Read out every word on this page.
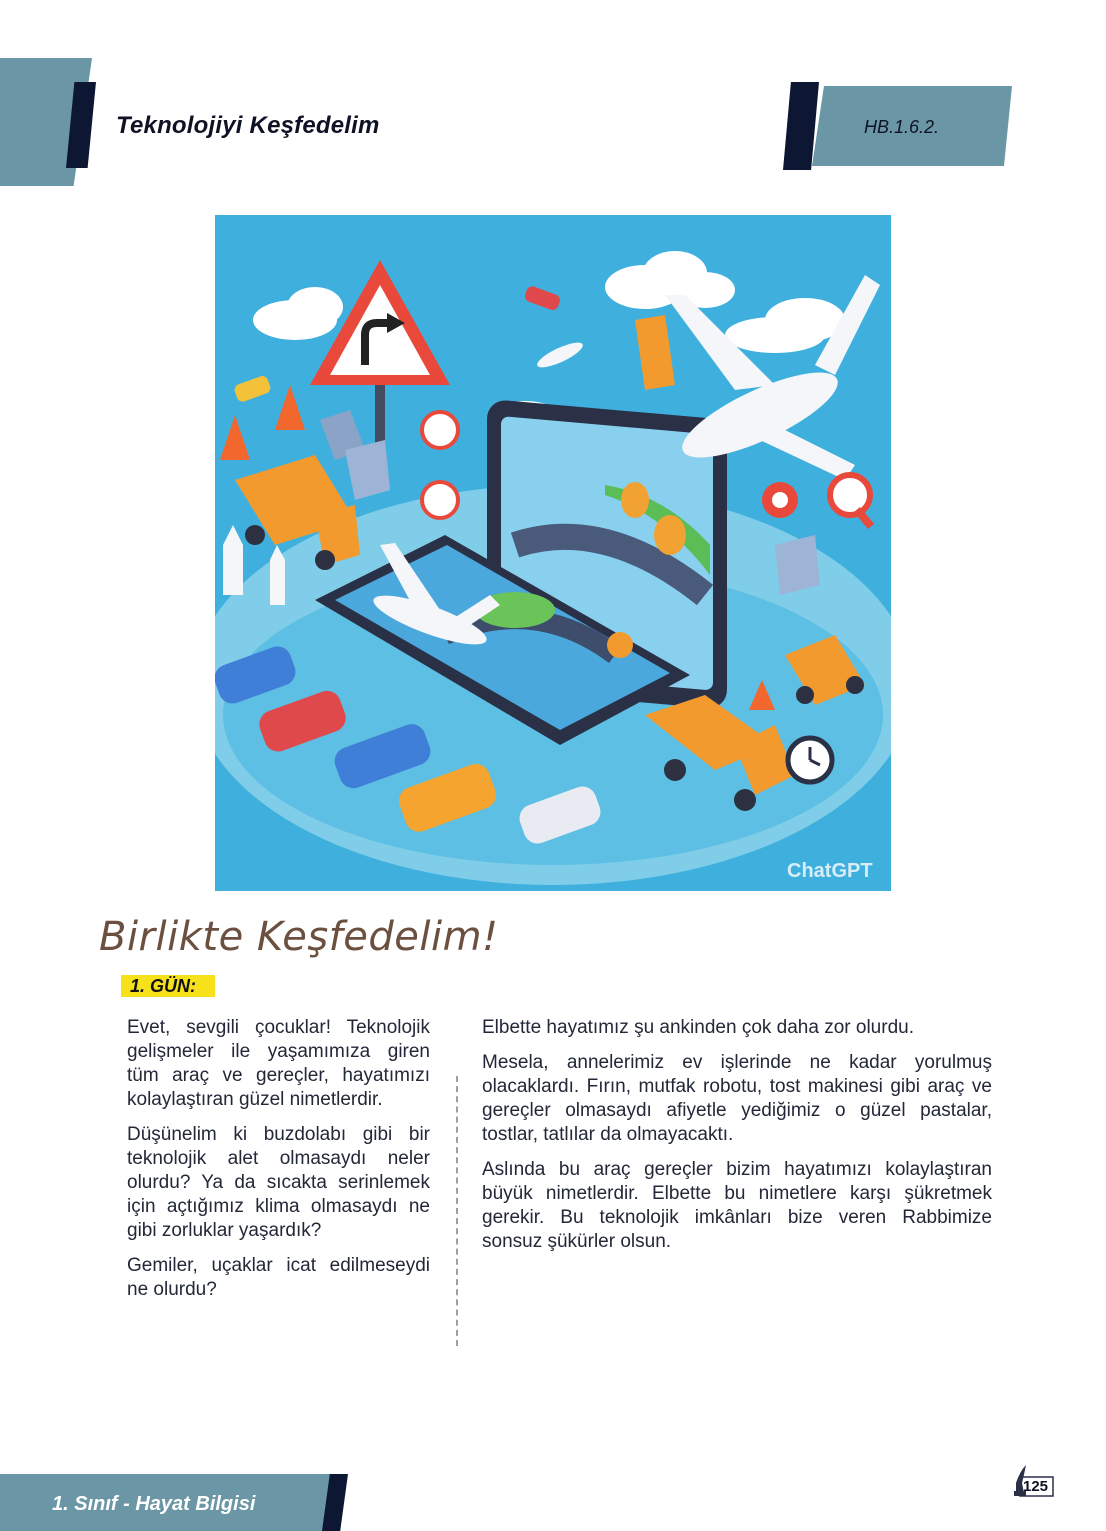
Teknolojiyi Keşfedelim	HB.1.6.2.
ChatGPT
Birlikte Keşfedelim!
1. GÜN:

Evet, sevgili çocuklar! Teknolojik gelişmeler ile yaşamımıza giren tüm araç ve gereçler, hayatımızı kolaylaştıran güzel nimetlerdir.

Düşünelim ki buzdolabı gibi bir teknolojik alet olmasaydı neler olurdu? Ya da sıcakta serinlemek için açtığımız klima olmasaydı ne gibi zorluklar yaşardık?

Gemiler, uçaklar icat edilmeseydi ne olurdu?

Elbette hayatımız şu ankinden çok daha zor olurdu.

Mesela, annelerimiz ev işlerinde ne kadar yorulmuş olacaklardı. Fırın, mutfak robotu, tost makinesi gibi araç ve gereçler olmasaydı afiyetle yediğimiz o güzel pastalar, tostlar, tatlılar da olmayacaktı.

Aslında bu araç gereçler bizim hayatımızı kolaylaştıran büyük nimetlerdir. Elbette bu nimetlere karşı şükretmek gerekir. Bu teknolojik imkânları bize veren Rabbimize sonsuz şükürler olsun.

1. Sınıf - Hayat Bilgisi
125
